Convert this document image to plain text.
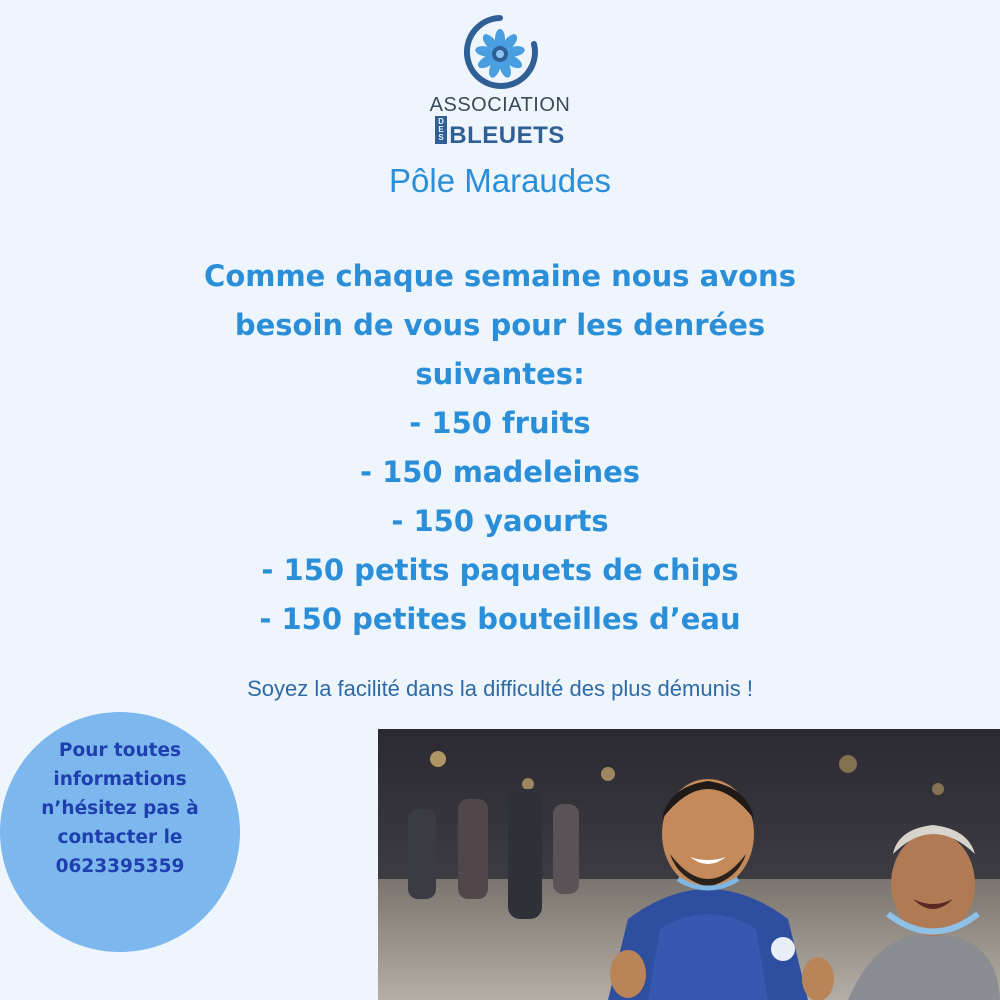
ASSOCIATION
DES BLEUETS
Pôle Maraudes
Comme chaque semaine nous avons
besoin de vous pour les denrées
suivantes:
- 150 fruits
- 150 madeleines
- 150 yaourts
- 150 petits paquets de chips
- 150 petites bouteilles d’eau
Soyez la facilité dans la difficulté des plus démunis !
Pour toutes
informations
n’hésitez pas à
contacter le
0623395359
